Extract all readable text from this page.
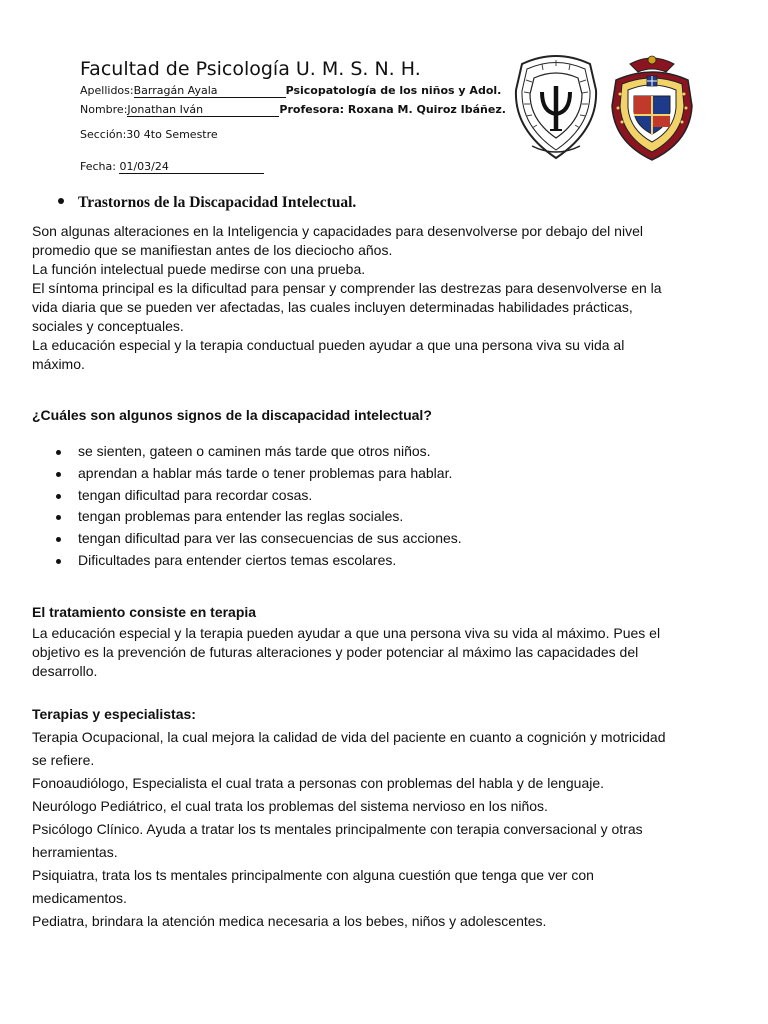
Facultad de Psicología U. M. S. N. H.
Apellidos:Barragán Ayala	Psicopatología de los niños y Adol.
Nombre:Jonathan Iván	Profesora: Roxana M. Quiroz Ibáñez.
Sección:30 4to Semestre
Fecha: 01/03/24
Trastornos de la Discapacidad Intelectual.
Son algunas alteraciones en la Inteligencia y capacidades para desenvolverse por debajo del nivel
promedio que se manifiestan antes de los dieciocho años.
La función intelectual puede medirse con una prueba.
El síntoma principal es la dificultad para pensar y comprender las destrezas para desenvolverse en la
vida diaria que se pueden ver afectadas, las cuales incluyen determinadas habilidades prácticas,
sociales y conceptuales.
La educación especial y la terapia conductual pueden ayudar a que una persona viva su vida al
máximo.
¿Cuáles son algunos signos de la discapacidad intelectual?
se sienten, gateen o caminen más tarde que otros niños.
aprendan a hablar más tarde o tener problemas para hablar.
tengan dificultad para recordar cosas.
tengan problemas para entender las reglas sociales.
tengan dificultad para ver las consecuencias de sus acciones.
Dificultades para entender ciertos temas escolares.
El tratamiento consiste en terapia
La educación especial y la terapia pueden ayudar a que una persona viva su vida al máximo. Pues el
objetivo es la prevención de futuras alteraciones y poder potenciar al máximo las capacidades del
desarrollo.
Terapias y especialistas:
Terapia Ocupacional, la cual mejora la calidad de vida del paciente en cuanto a cognición y motricidad
se refiere.
Fonoaudiólogo, Especialista el cual trata a personas con problemas del habla y de lenguaje.
Neurólogo Pediátrico, el cual trata los problemas del sistema nervioso en los niños.
Psicólogo Clínico. Ayuda a tratar los ts mentales principalmente con terapia conversacional y otras
herramientas.
Psiquiatra, trata los ts mentales principalmente con alguna cuestión que tenga que ver con
medicamentos.
Pediatra, brindara la atención medica necesaria a los bebes, niños y adolescentes.
